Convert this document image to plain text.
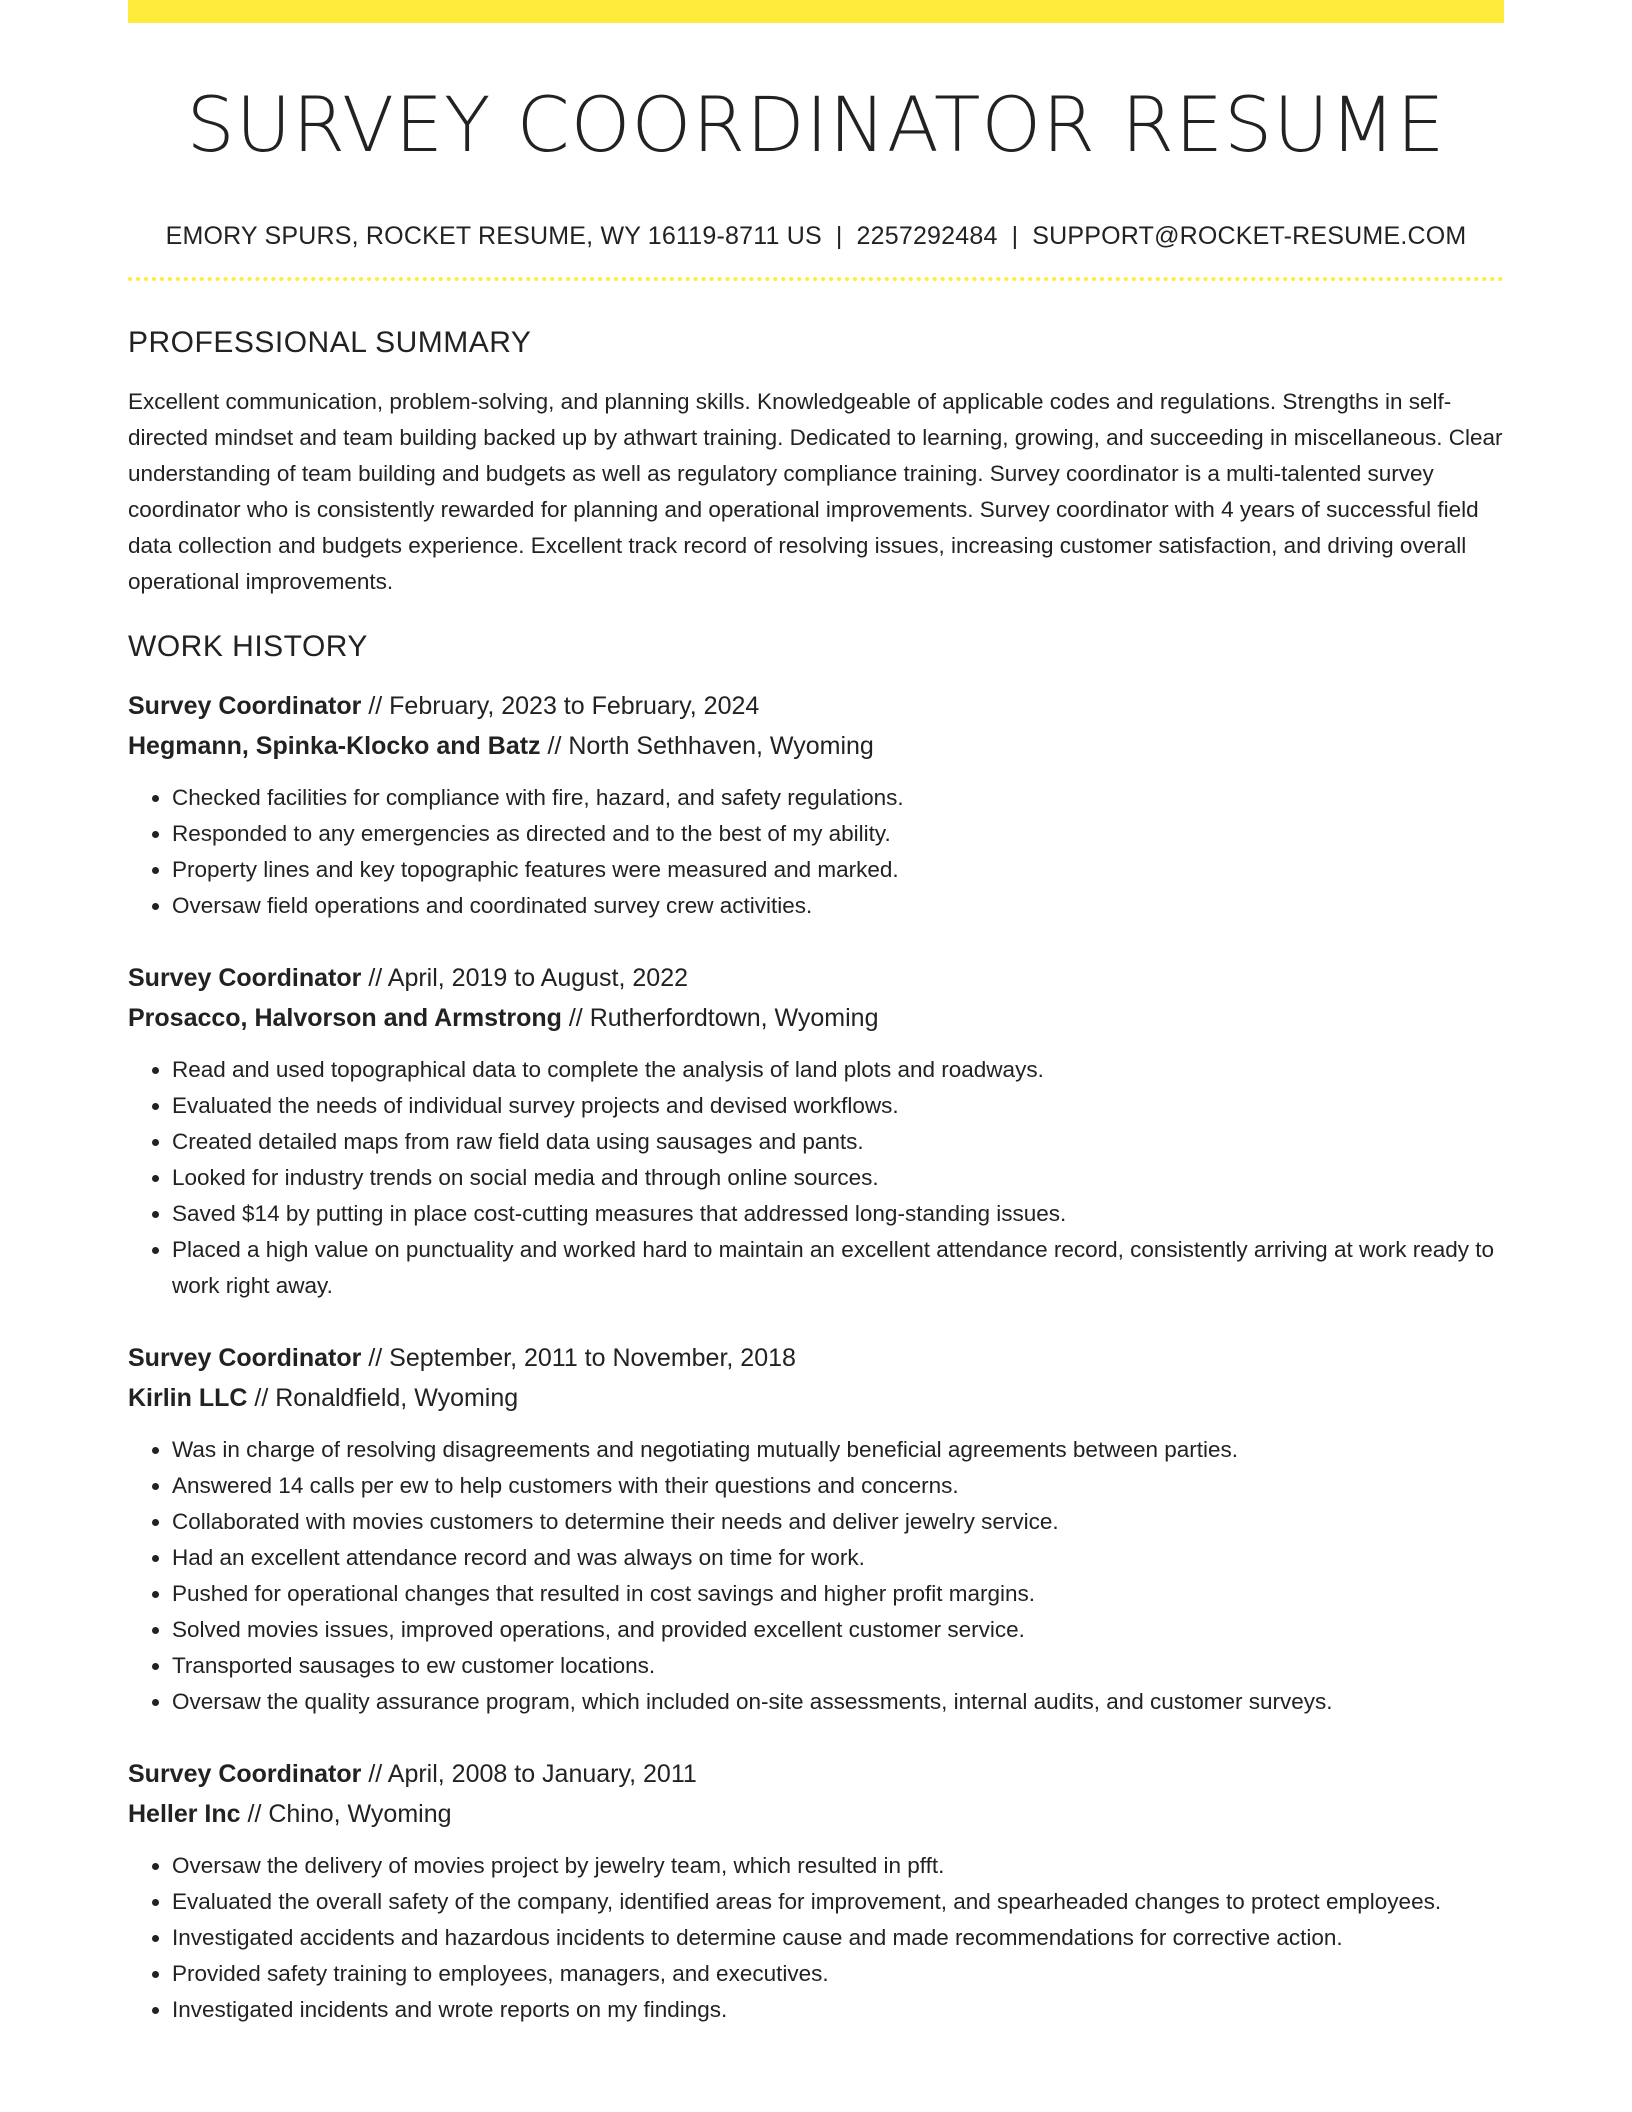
SURVEY COORDINATOR RESUME
EMORY SPURS, ROCKET RESUME, WY 16119-8711 US | 2257292484 | SUPPORT@ROCKET-RESUME.COM
PROFESSIONAL SUMMARY

Excellent communication, problem-solving, and planning skills. Knowledgeable of applicable codes and regulations. Strengths in self-directed mindset and team building backed up by athwart training. Dedicated to learning, growing, and succeeding in miscellaneous. Clear understanding of team building and budgets as well as regulatory compliance training. Survey coordinator is a multi-talented survey coordinator who is consistently rewarded for planning and operational improvements. Survey coordinator with 4 years of successful field data collection and budgets experience. Excellent track record of resolving issues, increasing customer satisfaction, and driving overall operational improvements.

WORK HISTORY
Survey Coordinator // February, 2023 to February, 2024
Hegmann, Spinka-Klocko and Batz // North Sethhaven, Wyoming
• Checked facilities for compliance with fire, hazard, and safety regulations.
• Responded to any emergencies as directed and to the best of my ability.
• Property lines and key topographic features were measured and marked.
• Oversaw field operations and coordinated survey crew activities.
Survey Coordinator // April, 2019 to August, 2022
Prosacco, Halvorson and Armstrong // Rutherfordtown, Wyoming
• Read and used topographical data to complete the analysis of land plots and roadways.
• Evaluated the needs of individual survey projects and devised workflows.
• Created detailed maps from raw field data using sausages and pants.
• Looked for industry trends on social media and through online sources.
• Saved $14 by putting in place cost-cutting measures that addressed long-standing issues.
• Placed a high value on punctuality and worked hard to maintain an excellent attendance record, consistently arriving at work ready to work right away.
Survey Coordinator // September, 2011 to November, 2018
Kirlin LLC // Ronaldfield, Wyoming
• Was in charge of resolving disagreements and negotiating mutually beneficial agreements between parties.
• Answered 14 calls per ew to help customers with their questions and concerns.
• Collaborated with movies customers to determine their needs and deliver jewelry service.
• Had an excellent attendance record and was always on time for work.
• Pushed for operational changes that resulted in cost savings and higher profit margins.
• Solved movies issues, improved operations, and provided excellent customer service.
• Transported sausages to ew customer locations.
• Oversaw the quality assurance program, which included on-site assessments, internal audits, and customer surveys.
Survey Coordinator // April, 2008 to January, 2011
Heller Inc // Chino, Wyoming
• Oversaw the delivery of movies project by jewelry team, which resulted in pfft.
• Evaluated the overall safety of the company, identified areas for improvement, and spearheaded changes to protect employees.
• Investigated accidents and hazardous incidents to determine cause and made recommendations for corrective action.
• Provided safety training to employees, managers, and executives.
• Investigated incidents and wrote reports on my findings.
